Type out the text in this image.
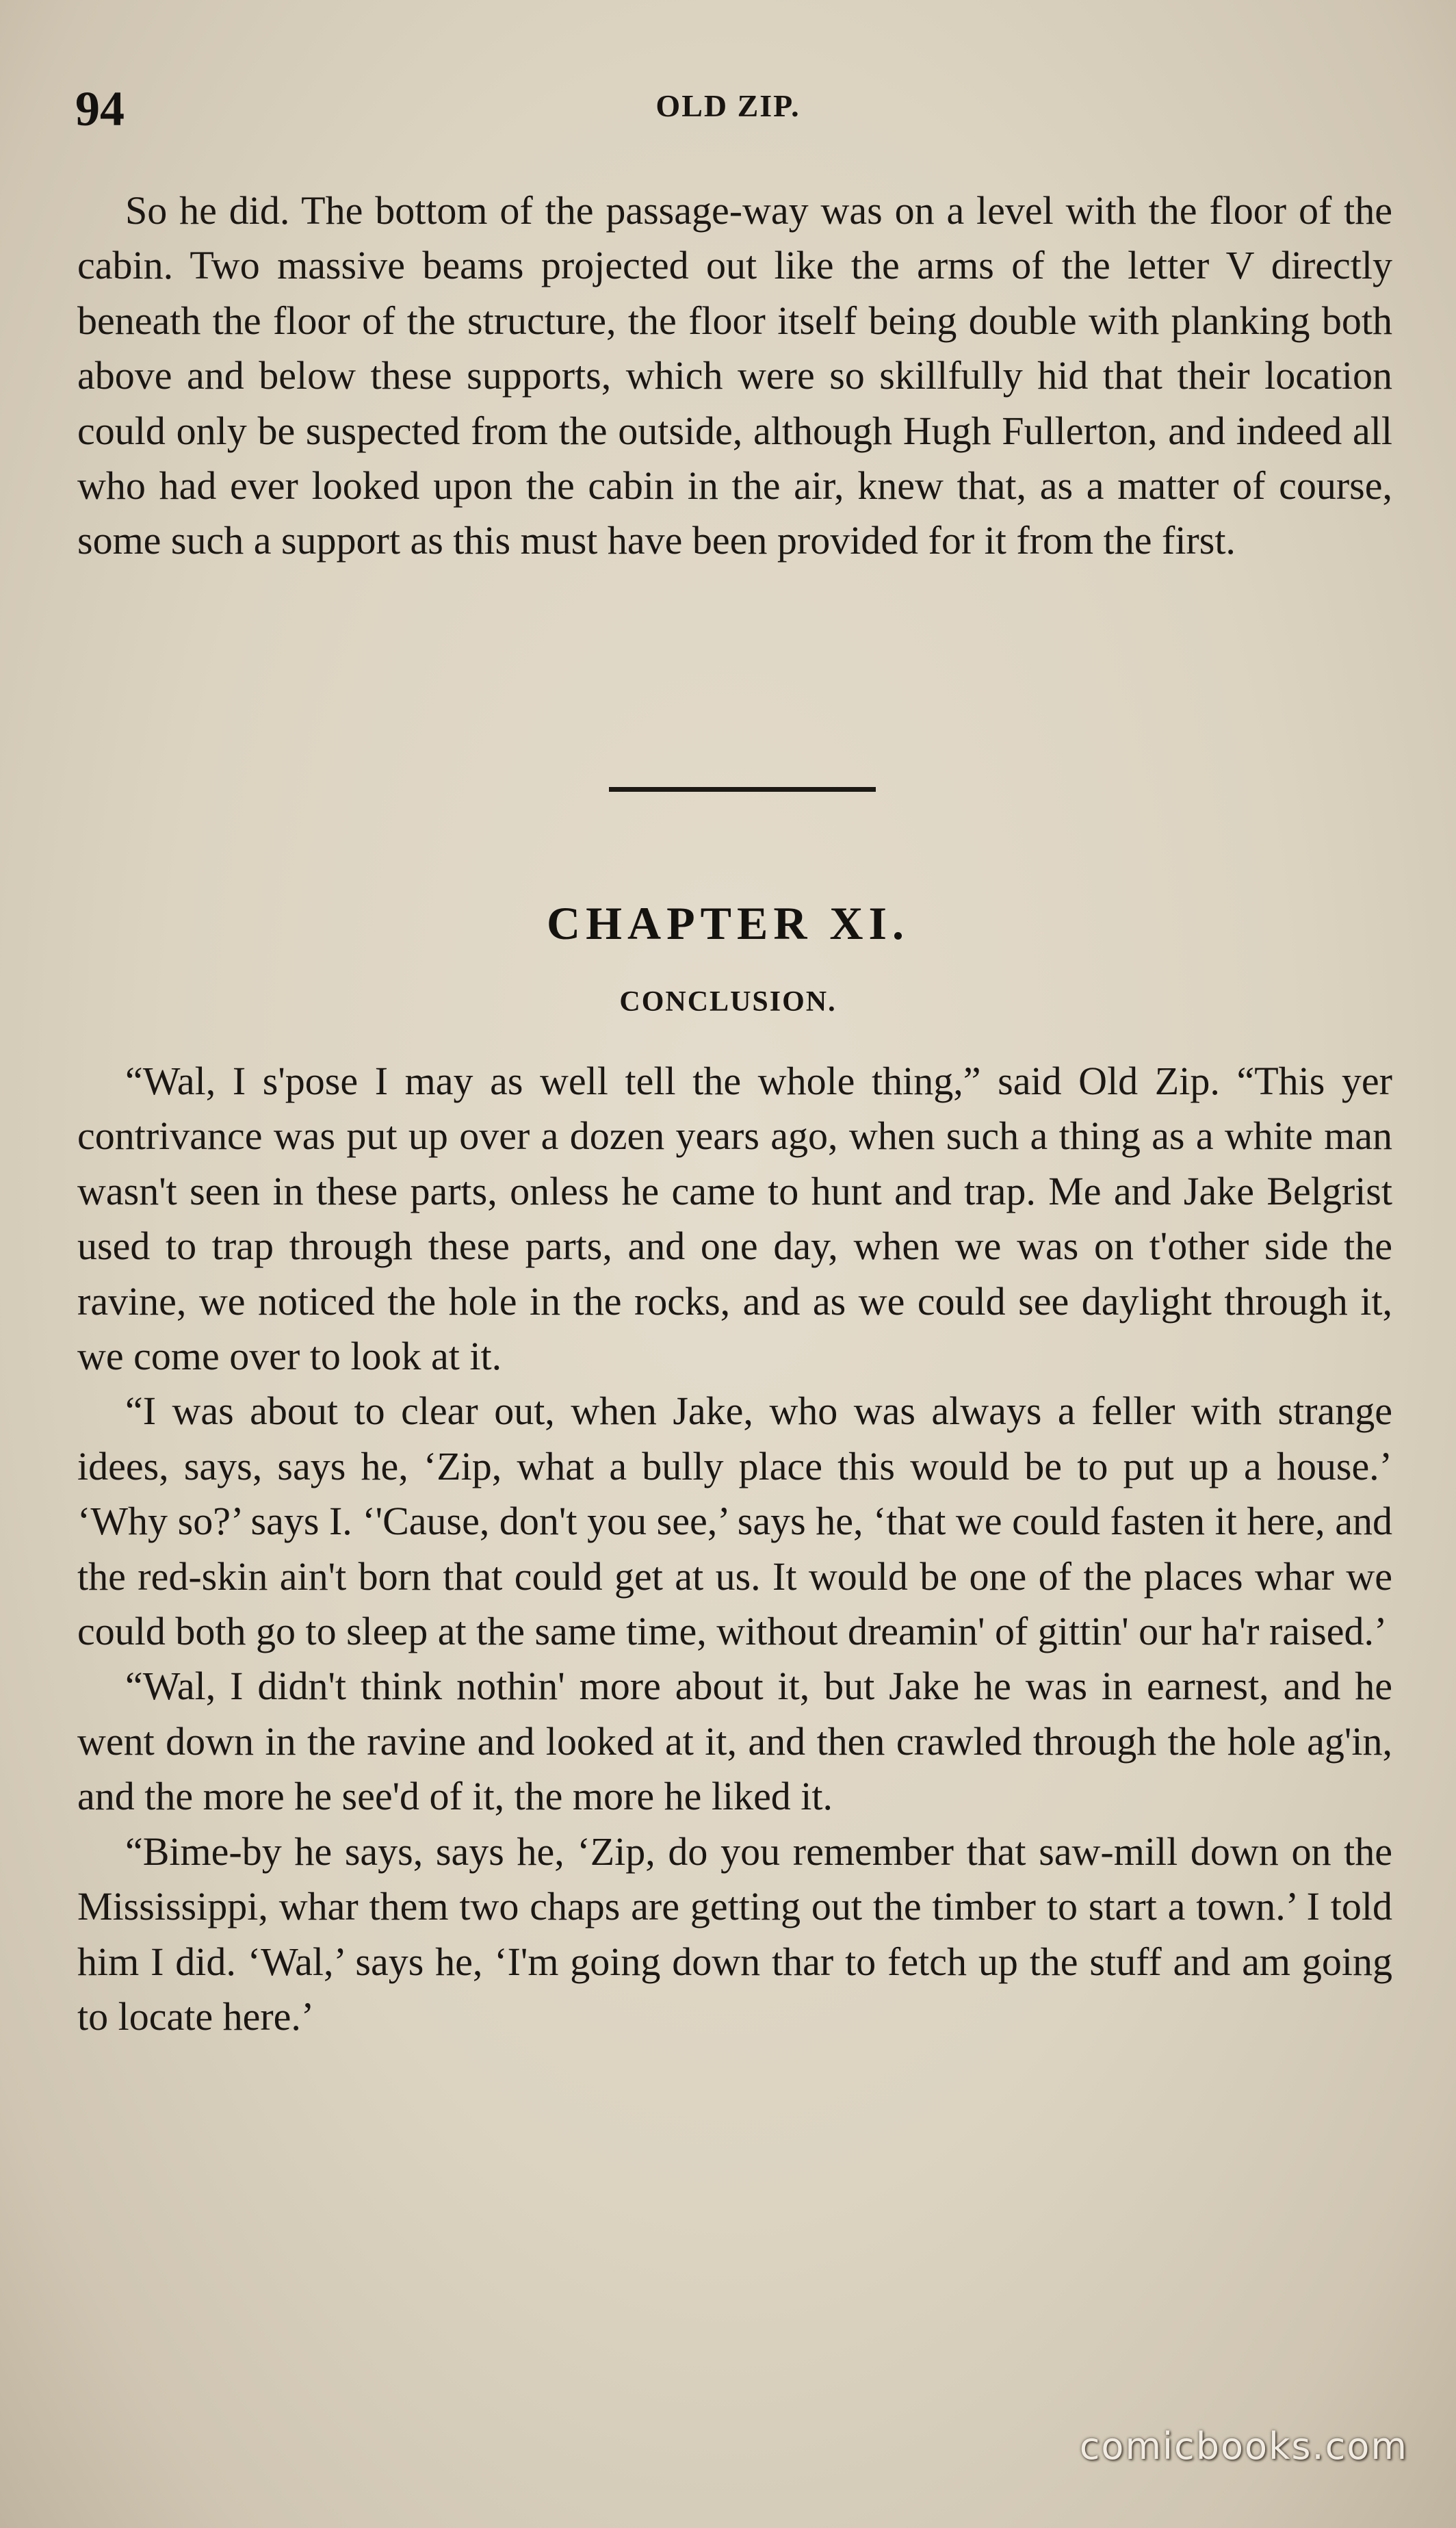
94	OLD ZIP.

So he did. The bottom of the passage-way was on a level with the floor of the cabin. Two massive beams projected out like the arms of the letter V directly beneath the floor of the structure, the floor itself being double with planking both above and below these supports, which were so skillfully hid that their location could only be suspected from the outside, although Hugh Fullerton, and indeed all who had ever looked upon the cabin in the air, knew that, as a matter of course, some such a support as this must have been provided for it from the first.

CHAPTER XI.
CONCLUSION.

“Wal, I s'pose I may as well tell the whole thing,” said Old Zip. “This yer contrivance was put up over a dozen years ago, when such a thing as a white man wasn't seen in these parts, onless he came to hunt and trap. Me and Jake Belgrist used to trap through these parts, and one day, when we was on t'other side the ravine, we noticed the hole in the rocks, and as we could see daylight through it, we come over to look at it.

“I was about to clear out, when Jake, who was always a feller with strange idees, says, says he, ‘Zip, what a bully place this would be to put up a house.’ ‘Why so?’ says I. ‘'Cause, don't you see,’ says he, ‘that we could fasten it here, and the red-skin ain't born that could get at us. It would be one of the places whar we could both go to sleep at the same time, without dreamin' of gittin' our ha'r raised.’

“Wal, I didn't think nothin' more about it, but Jake he was in earnest, and he went down in the ravine and looked at it, and then crawled through the hole ag'in, and the more he see'd of it, the more he liked it.

“Bime-by he says, says he, ‘Zip, do you remember that saw-mill down on the Mississippi, whar them two chaps are getting out the timber to start a town.’ I told him I did. ‘Wal,’ says he, ‘I'm going down thar to fetch up the stuff and am going to locate here.’

comicbooks.com
